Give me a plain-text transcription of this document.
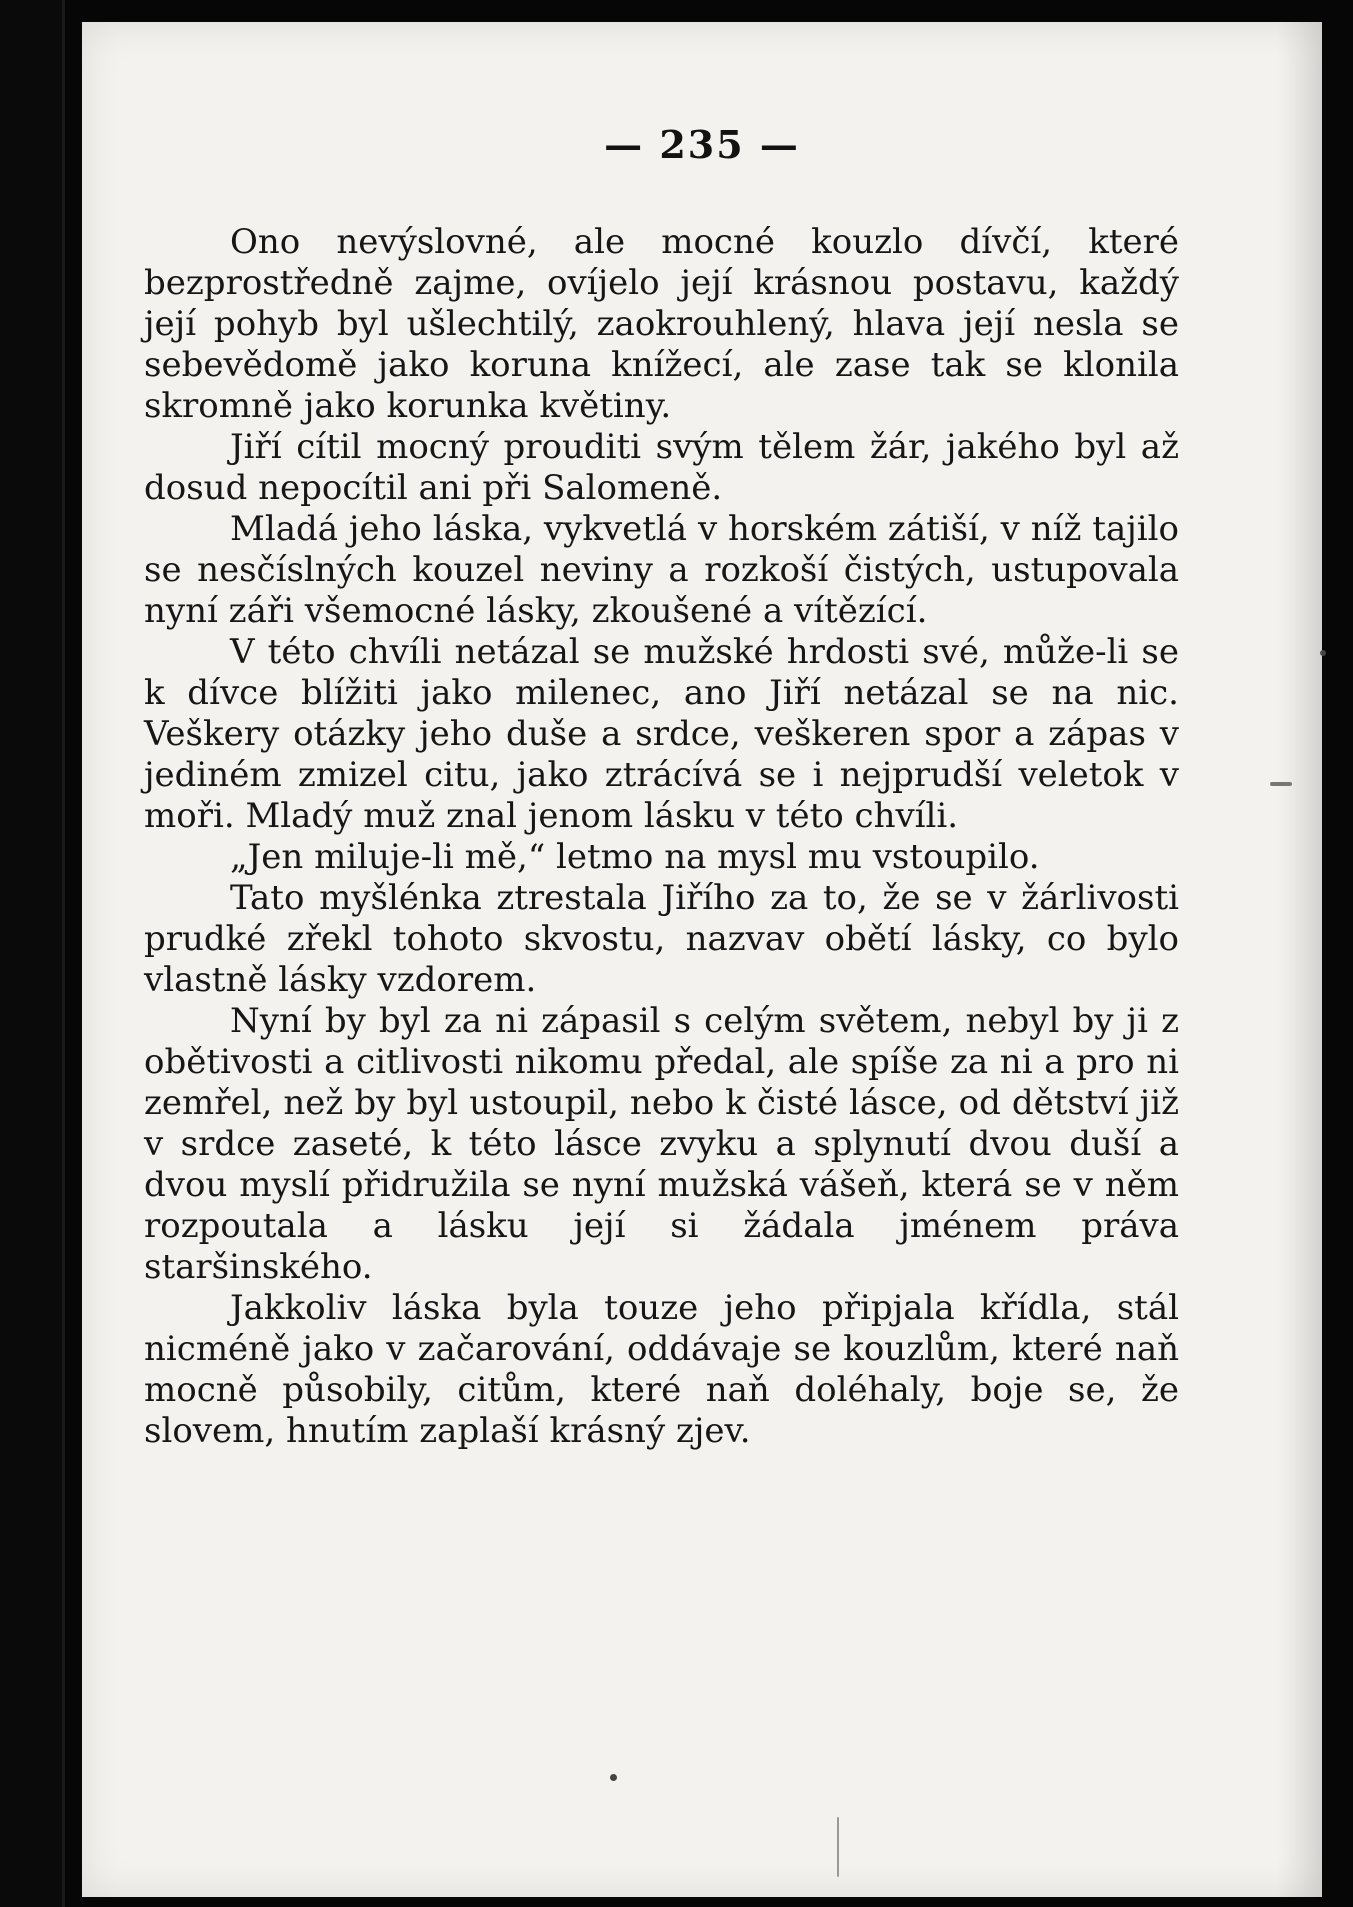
— 235 —

Ono nevýslovné, ale mocné kouzlo dívčí, které bezprostředně zajme, ovíjelo její krásnou postavu, každý její pohyb byl ušlechtilý, zaokrouhlený, hlava její nesla se sebevědomě jako koruna knížecí, ale zase tak se klonila skromně jako korunka květiny.

Jiří cítil mocný prouditi svým tělem žár, jakého byl až dosud nepocítil ani při Salomeně.

Mladá jeho láska, vykvetlá v horském zátiší, v níž tajilo se nesčíslných kouzel neviny a rozkoší čistých, ustupovala nyní záři všemocné lásky, zkoušené a vítězící.

V této chvíli netázal se mužské hrdosti své, může-li se k dívce blížiti jako milenec, ano Jiří netázal se na nic. Veškery otázky jeho duše a srdce, veškeren spor a zápas v jediném zmizel citu, jako ztrácívá se i nejprudší veletok v moři. Mladý muž znal jenom lásku v této chvíli.

„Jen miluje-li mě,“ letmo na mysl mu vstoupilo.

Tato myšlénka ztrestala Jiřího za to, že se v žárlivosti prudké zřekl tohoto skvostu, nazvav obětí lásky, co bylo vlastně lásky vzdorem.

Nyní by byl za ni zápasil s celým světem, nebyl by ji z obětivosti a citlivosti nikomu předal, ale spíše za ni a pro ni zemřel, než by byl ustoupil, nebo k čisté lásce, od dětství již v srdce zaseté, k této lásce zvyku a splynutí dvou duší a dvou myslí přidružila se nyní mužská vášeň, která se v něm rozpoutala a lásku její si žádala jménem práva staršinského.

Jakkoliv láska byla touze jeho připjala křídla, stál nicméně jako v začarování, oddávaje se kouzlům, které naň mocně působily, citům, které naň doléhaly, boje se, že slovem, hnutím zaplaší krásný zjev.
